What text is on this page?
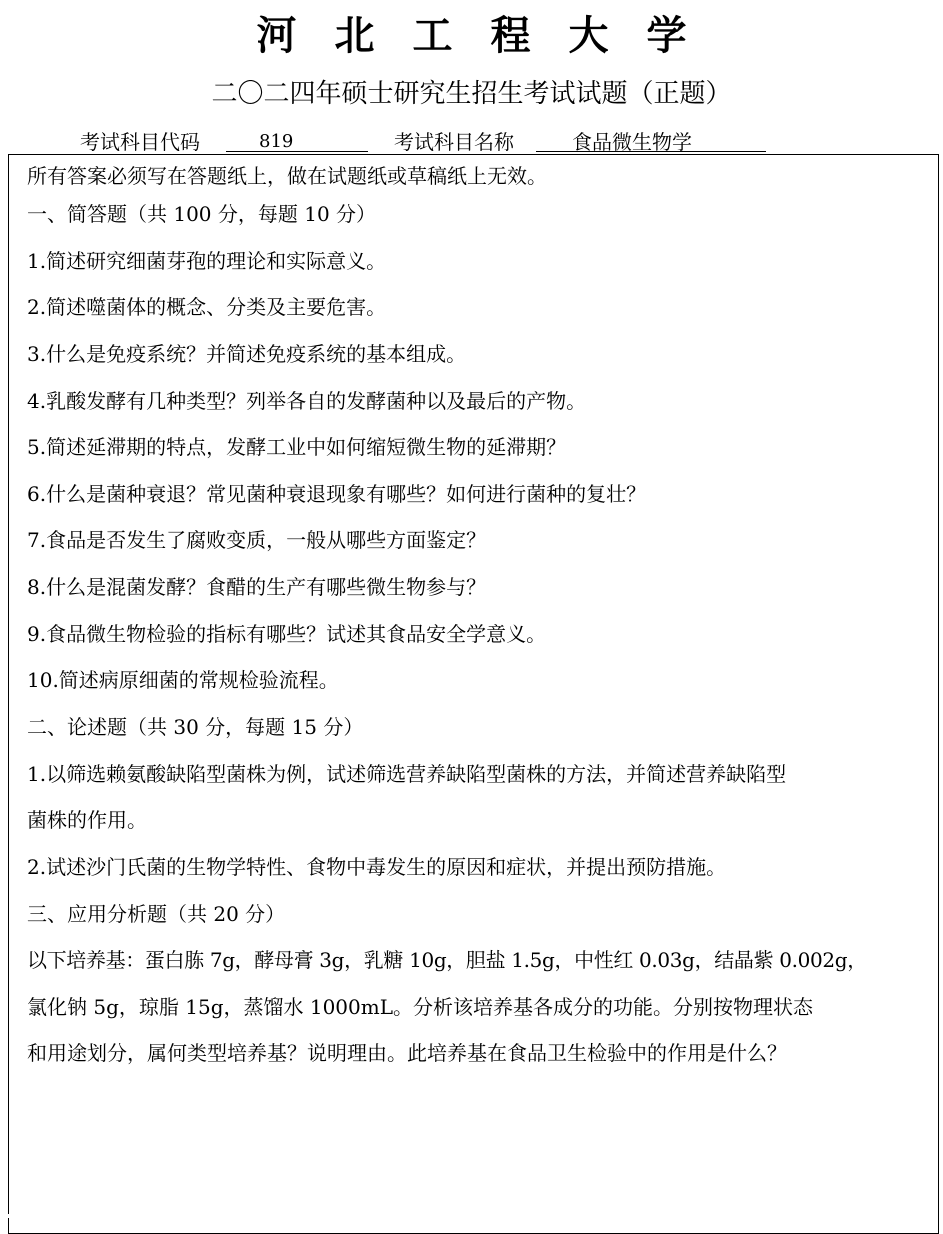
河北工程大学
二〇二四年硕士研究生招生考试试题（正题）
考试科目代码	819	考试科目名称	食品微生物学
所有答案必须写在答题纸上，做在试题纸或草稿纸上无效。
一、简答题（共 100 分，每题 10 分）
1.简述研究细菌芽孢的理论和实际意义。
2.简述噬菌体的概念、分类及主要危害。
3.什么是免疫系统？并简述免疫系统的基本组成。
4.乳酸发酵有几种类型？列举各自的发酵菌种以及最后的产物。
5.简述延滞期的特点，发酵工业中如何缩短微生物的延滞期？
6.什么是菌种衰退？常见菌种衰退现象有哪些？如何进行菌种的复壮？
7.食品是否发生了腐败变质，一般从哪些方面鉴定？
8.什么是混菌发酵？食醋的生产有哪些微生物参与？
9.食品微生物检验的指标有哪些？试述其食品安全学意义。
10.简述病原细菌的常规检验流程。
二、论述题（共 30 分，每题 15 分）
1.以筛选赖氨酸缺陷型菌株为例，试述筛选营养缺陷型菌株的方法，并简述营养缺陷型
菌株的作用。
2.试述沙门氏菌的生物学特性、食物中毒发生的原因和症状，并提出预防措施。
三、应用分析题（共 20 分）
以下培养基：蛋白胨 7g，酵母膏 3g，乳糖 10g，胆盐 1.5g，中性红 0.03g，结晶紫 0.002g，
氯化钠 5g，琼脂 15g，蒸馏水 1000mL。分析该培养基各成分的功能。分别按物理状态
和用途划分，属何类型培养基？说明理由。此培养基在食品卫生检验中的作用是什么？
